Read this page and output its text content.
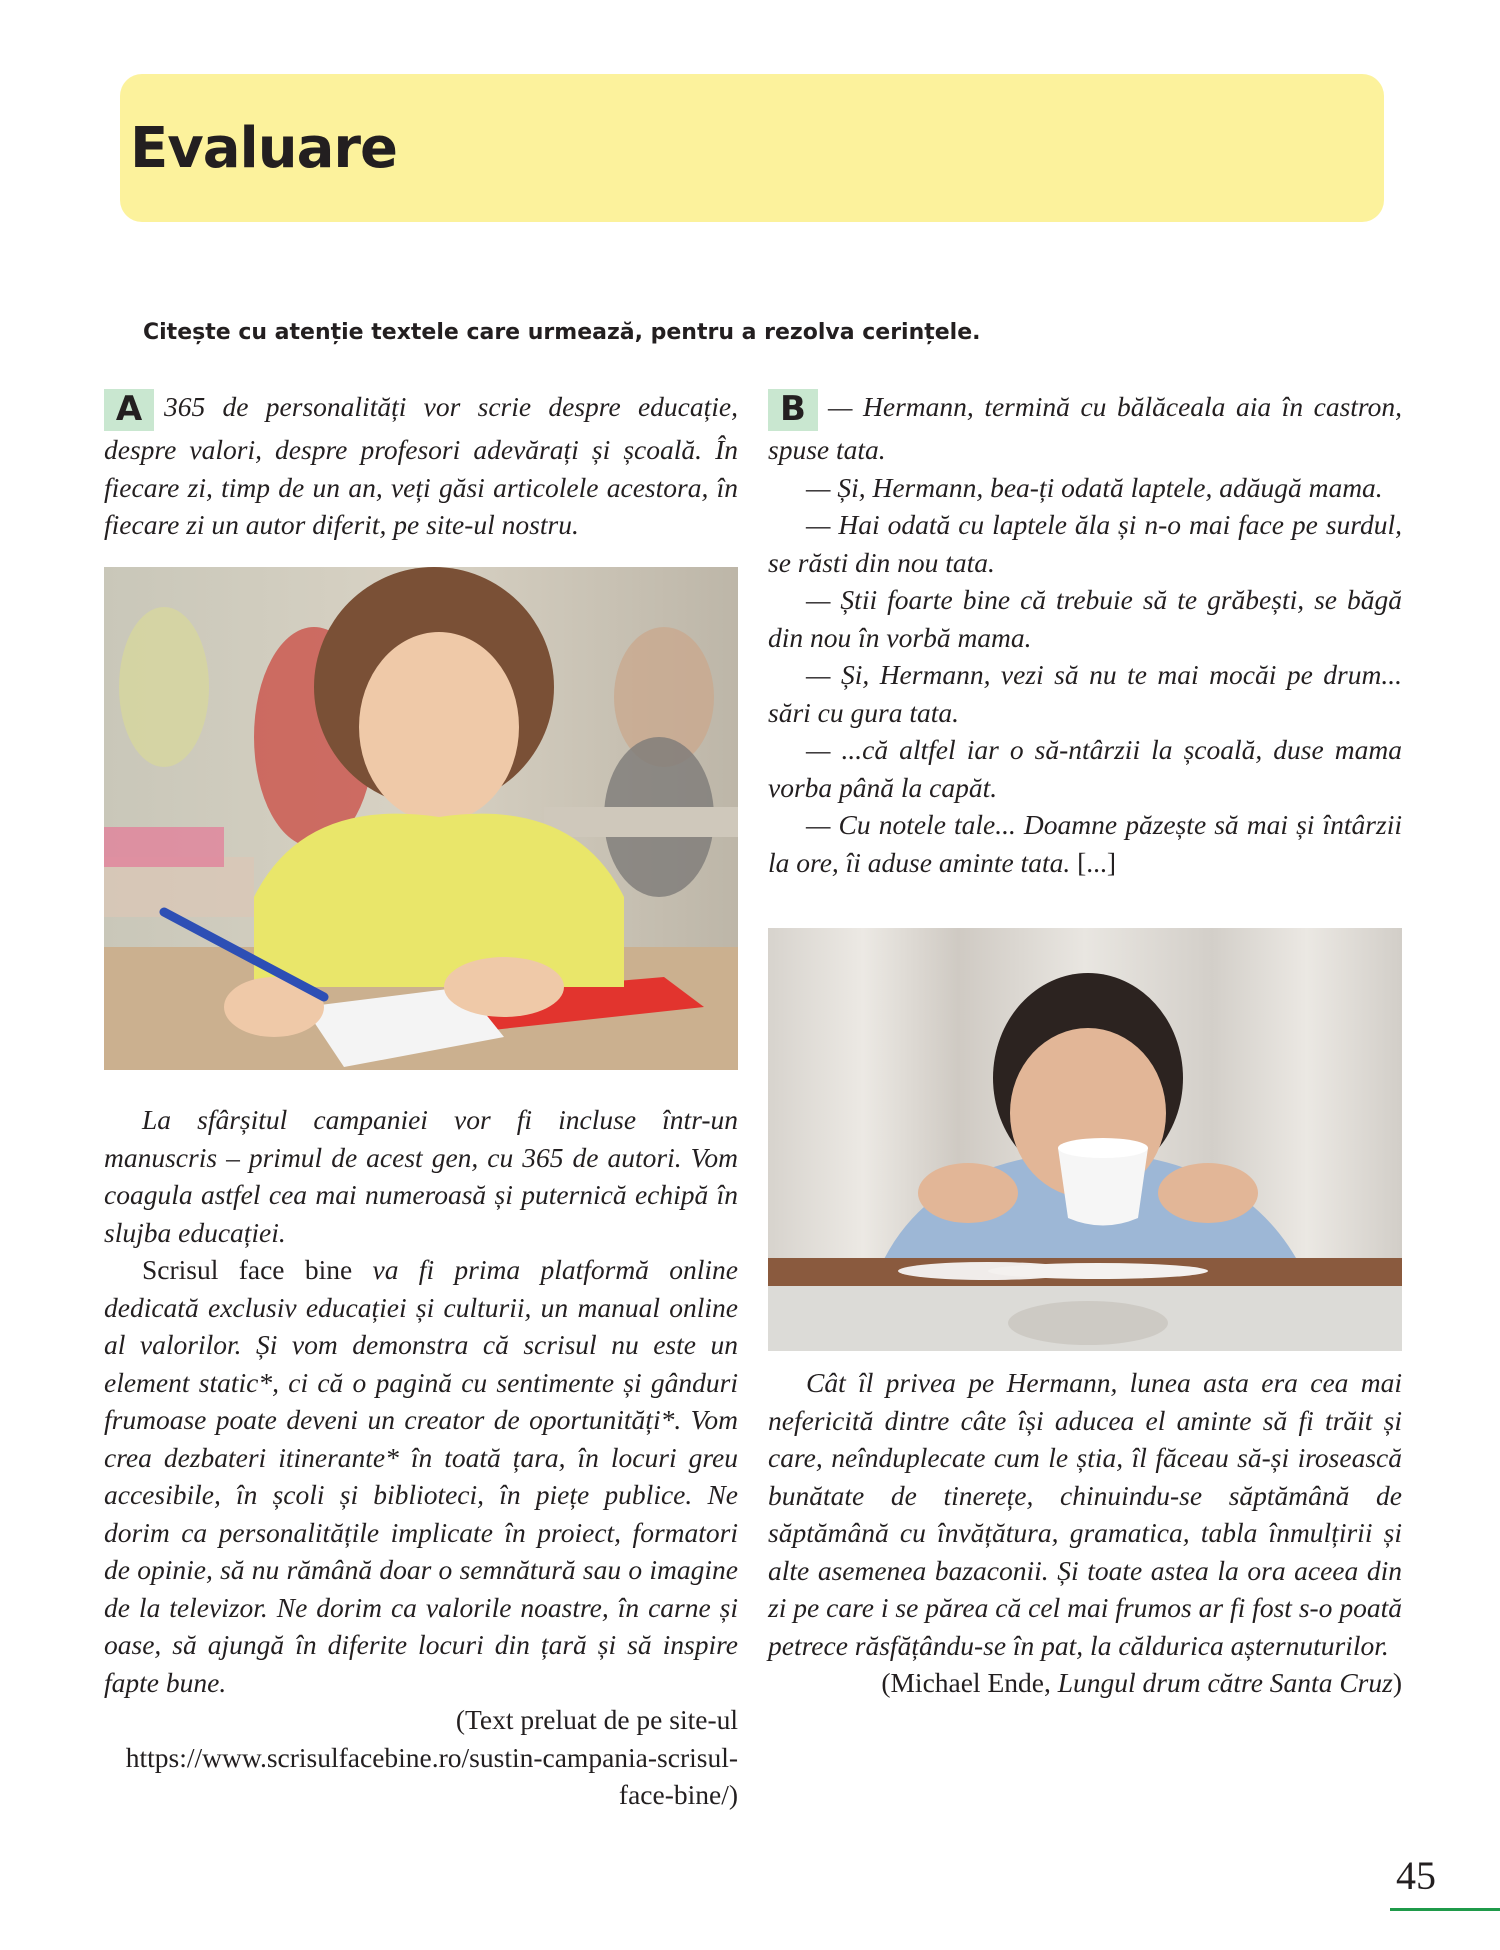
Evaluare

Citește cu atenție textele care urmează, pentru a rezolva cerințele.

A 365 de personalități vor scrie despre educație, despre valori, despre profesori adevărați și școală. În fiecare zi, timp de un an, veți găsi articolele acestora, în fiecare zi un autor diferit, pe site-ul nostru.

La sfârșitul campaniei vor fi incluse într-un manuscris – primul de acest gen, cu 365 de autori. Vom coagula astfel cea mai numeroasă și puternică echipă în slujba educației.

Scrisul face bine va fi prima platformă online dedicată exclusiv educației și culturii, un manual online al valorilor. Și vom demonstra că scrisul nu este un element static*, ci că o pagină cu sentimente și gânduri frumoase poate deveni un creator de oportunități*. Vom crea dezbateri itinerante* în toată țara, în locuri greu accesibile, în școli și biblioteci, în piețe publice. Ne dorim ca personalitățile implicate în proiect, formatori de opinie, să nu rămână doar o semnătură sau o imagine de la televizor. Ne dorim ca valorile noastre, în carne și oase, să ajungă în diferite locuri din țară și să inspire fapte bune.

(Text preluat de pe site-ul https://www.scrisulfacebine.ro/sustin-campania-scrisul-face-bine/)

B — Hermann, termină cu bălăceala aia în castron, spuse tata.

— Și, Hermann, bea-ți odată laptele, adăugă mama.

— Hai odată cu laptele ăla și n-o mai face pe surdul, se răsti din nou tata.

— Știi foarte bine că trebuie să te grăbești, se băgă din nou în vorbă mama.

— Și, Hermann, vezi să nu te mai mocăi pe drum... sări cu gura tata.

— ...că altfel iar o să-ntârzii la școală, duse mama vorba până la capăt.

— Cu notele tale... Doamne păzește să mai și întârzii la ore, îi aduse aminte tata. [...]

Cât îl privea pe Hermann, lunea asta era cea mai nefericită dintre câte își aducea el aminte să fi trăit și care, neînduplecate cum le știa, îl făceau să-și irosească bunătate de tinerețe, chinuindu-se săptămână de săptămână cu învățătura, gramatica, tabla înmulțirii și alte asemenea bazaconii. Și toate astea la ora aceea din zi pe care i se părea că cel mai frumos ar fi fost s-o poată petrece răsfățându-se în pat, la căldurica așternuturilor.

(Michael Ende, Lungul drum către Santa Cruz)

45
